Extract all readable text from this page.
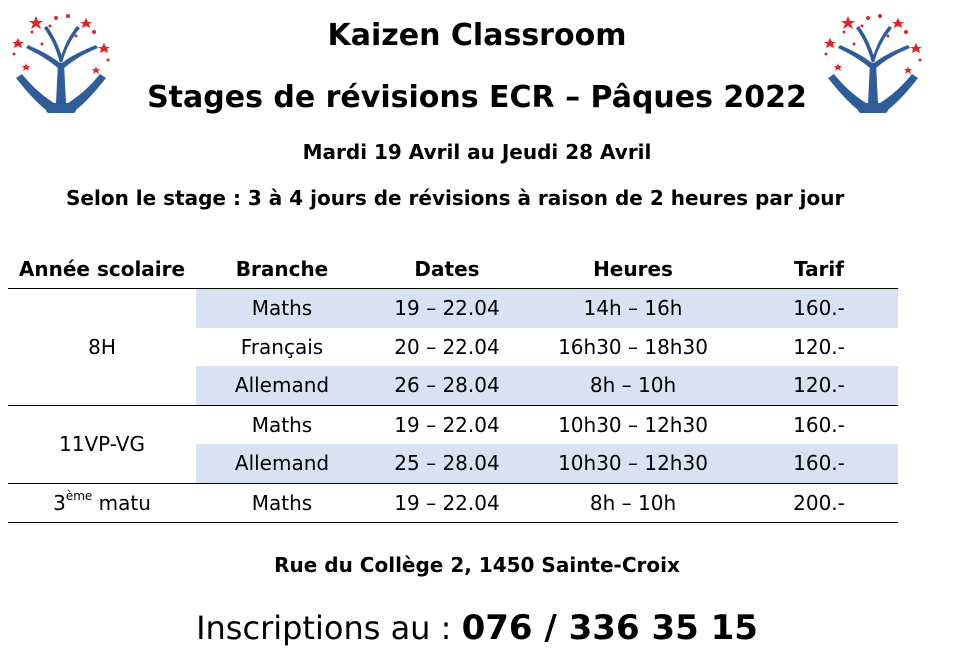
Kaizen Classroom
Stages de révisions ECR – Pâques 2022
Mardi 19 Avril au Jeudi 28 Avril
Selon le stage : 3 à 4 jours de révisions à raison de 2 heures par jour
Année scolaire	Branche	Dates	Heures	Tarif
8H	Maths	19 – 22.04	14h – 16h	160.-
	Français	20 – 22.04	16h30 – 18h30	120.-
	Allemand	26 – 28.04	8h – 10h	120.-
11VP-VG	Maths	19 – 22.04	10h30 – 12h30	160.-
	Allemand	25 – 28.04	10h30 – 12h30	160.-
3ème matu	Maths	19 – 22.04	8h – 10h	200.-
Rue du Collège 2, 1450 Sainte-Croix
Inscriptions au : 076 / 336 35 15
